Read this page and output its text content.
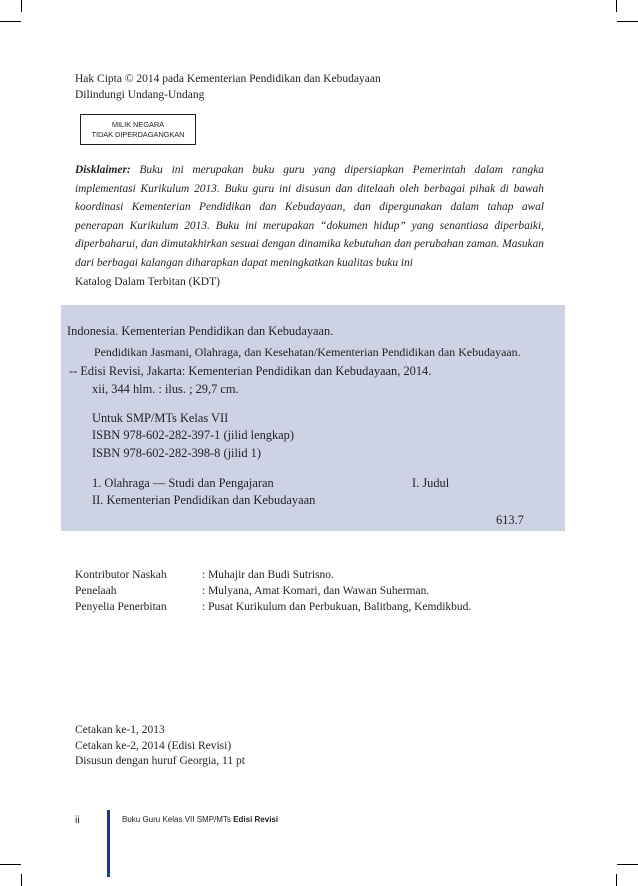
Hak Cipta © 2014 pada Kementerian Pendidikan dan Kebudayaan
Dilindungi Undang-Undang
MILIK NEGARA
TIDAK DIPERDAGANGKAN
Disklaimer: Buku ini merupakan buku guru yang dipersiapkan Pemerintah dalam rangka implementasi Kurikulum 2013. Buku guru ini disusun dan ditelaah oleh berbagai pihak di bawah koordinasi Kementerian Pendidikan dan Kebudayaan, dan dipergunakan dalam tahap awal penerapan Kurikulum 2013. Buku ini merupakan “dokumen hidup” yang senantiasa diperbaiki, diperbaharui, dan dimutakhirkan sesuai dengan dinamika kebutuhan dan perubahan zaman. Masukan dari berbagai kalangan diharapkan dapat meningkatkan kualitas buku ini
Katalog Dalam Terbitan (KDT)
Indonesia. Kementerian Pendidikan dan Kebudayaan.
Pendidikan Jasmani, Olahraga, dan Kesehatan/Kementerian Pendidikan dan Kebudayaan.
-- Edisi Revisi, Jakarta: Kementerian Pendidikan dan Kebudayaan, 2014.
xii, 344 hlm. : ilus. ; 29,7 cm.
Untuk SMP/MTs Kelas VII
ISBN 978-602-282-397-1 (jilid lengkap)
ISBN 978-602-282-398-8 (jilid 1)
1. Olahraga — Studi dan Pengajaran	I. Judul
II. Kementerian Pendidikan dan Kebudayaan
613.7
Kontributor Naskah	: Muhajir dan Budi Sutrisno.
Penelaah	: Mulyana, Amat Komari, dan Wawan Suherman.
Penyelia Penerbitan	: Pusat Kurikulum dan Perbukuan, Balitbang, Kemdikbud.
Cetakan ke-1, 2013
Cetakan ke-2, 2014 (Edisi Revisi)
Disusun dengan huruf Georgia, 11 pt
ii	Buku Guru Kelas VII SMP/MTs Edisi Revisi
